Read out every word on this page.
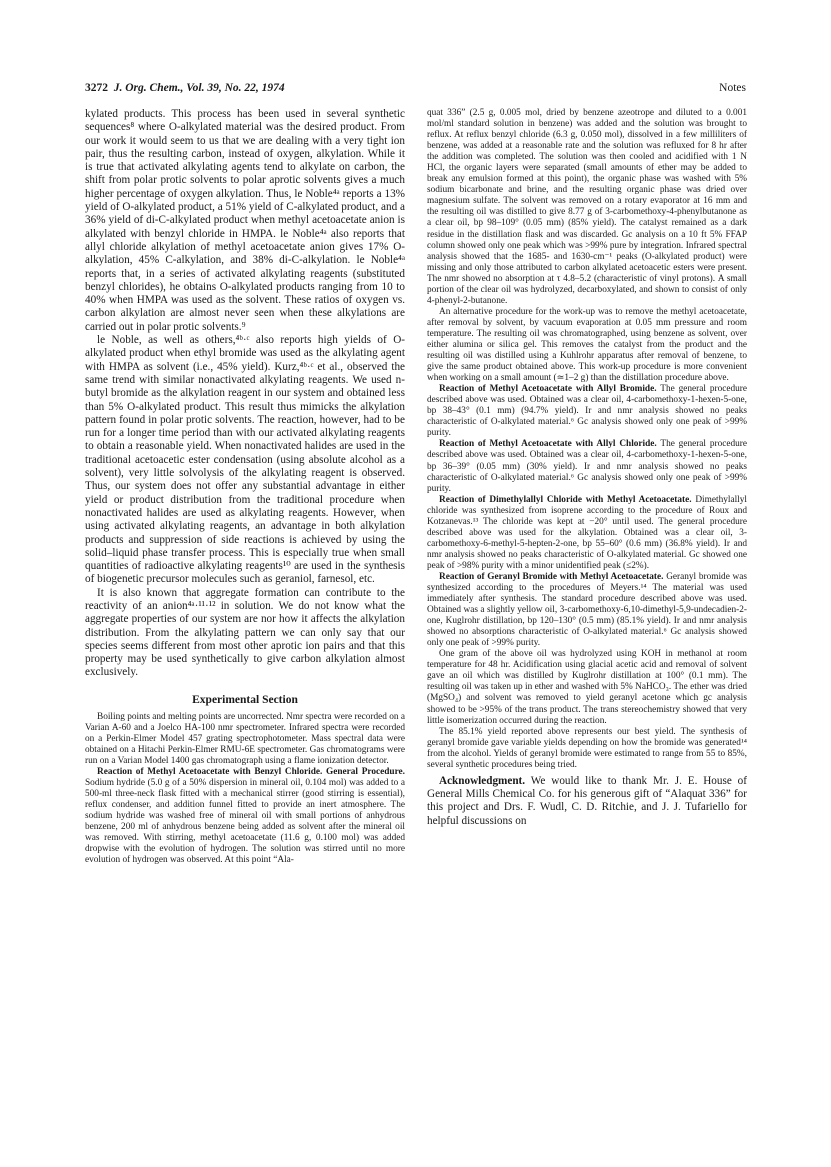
3272 J. Org. Chem., Vol. 39, No. 22, 1974	Notes

kylated products. This process has been used in several synthetic sequences⁸ where O-alkylated material was the desired product. From our work it would seem to us that we are dealing with a very tight ion pair, thus the resulting carbon, instead of oxygen, alkylation. While it is true that activated alkylating agents tend to alkylate on carbon, the shift from polar protic solvents to polar aprotic solvents gives a much higher percentage of oxygen alkylation. Thus, le Noble⁴ᵃ reports a 13% yield of O-alkylated product, a 51% yield of C-alkylated product, and a 36% yield of di-C-alkylated product when methyl acetoacetate anion is alkylated with benzyl chloride in HMPA. le Noble⁴ᵃ also reports that allyl chloride alkylation of methyl acetoacetate anion gives 17% O-alkylation, 45% C-alkylation, and 38% di-C-alkylation. le Noble⁴ᵃ reports that, in a series of activated alkylating reagents (substituted benzyl chlorides), he obtains O-alkylated products ranging from 10 to 40% when HMPA was used as the solvent. These ratios of oxygen vs. carbon alkylation are almost never seen when these alkylations are carried out in polar protic solvents.⁹

le Noble, as well as others,⁴ᵇ·ᶜ also reports high yields of O-alkylated product when ethyl bromide was used as the alkylating agent with HMPA as solvent (i.e., 45% yield). Kurz,⁴ᵇ·ᶜ et al., observed the same trend with similar nonactivated alkylating reagents. We used n-butyl bromide as the alkylation reagent in our system and obtained less than 5% O-alkylated product. This result thus mimicks the alkylation pattern found in polar protic solvents. The reaction, however, had to be run for a longer time period than with our activated alkylating reagents to obtain a reasonable yield. When nonactivated halides are used in the traditional acetoacetic ester condensation (using absolute alcohol as a solvent), very little solvolysis of the alkylating reagent is observed. Thus, our system does not offer any substantial advantage in either yield or product distribution from the traditional procedure when nonactivated halides are used as alkylating reagents. However, when using activated alkylating reagents, an advantage in both alkylation products and suppression of side reactions is achieved by using the solid–liquid phase transfer process. This is especially true when small quantities of radioactive alkylating reagents¹⁰ are used in the synthesis of biogenetic precursor molecules such as geraniol, farnesol, etc.

It is also known that aggregate formation can contribute to the reactivity of an anion⁴ᵃ·¹¹·¹² in solution. We do not know what the aggregate properties of our system are nor how it affects the alkylation distribution. From the alkylating pattern we can only say that our species seems different from most other aprotic ion pairs and that this property may be used synthetically to give carbon alkylation almost exclusively.

Experimental Section

Boiling points and melting points are uncorrected. Nmr spectra were recorded on a Varian A-60 and a Joelco HA-100 nmr spectrometer. Infrared spectra were recorded on a Perkin-Elmer Model 457 grating spectrophotometer. Mass spectral data were obtained on a Hitachi Perkin-Elmer RMU-6E spectrometer. Gas chromatograms were run on a Varian Model 1400 gas chromatograph using a flame ionization detector.

Reaction of Methyl Acetoacetate with Benzyl Chloride. General Procedure. Sodium hydride (5.0 g of a 50% dispersion in mineral oil, 0.104 mol) was added to a 500-ml three-neck flask fitted with a mechanical stirrer (good stirring is essential), reflux condenser, and addition funnel fitted to provide an inert atmosphere. The sodium hydride was washed free of mineral oil with small portions of anhydrous benzene, 200 ml of anhydrous benzene being added as solvent after the mineral oil was removed. With stirring, methyl acetoacetate (11.6 g, 0.100 mol) was added dropwise with the evolution of hydrogen. The solution was stirred until no more evolution of hydrogen was observed. At this point “Ala-

quat 336” (2.5 g, 0.005 mol, dried by benzene azeotrope and diluted to a 0.001 mol/ml standard solution in benzene) was added and the solution was brought to reflux. At reflux benzyl chloride (6.3 g, 0.050 mol), dissolved in a few milliliters of benzene, was added at a reasonable rate and the solution was refluxed for 8 hr after the addition was completed. The solution was then cooled and acidified with 1 N HCl, the organic layers were separated (small amounts of ether may be added to break any emulsion formed at this point), the organic phase was washed with 5% sodium bicarbonate and brine, and the resulting organic phase was dried over magnesium sulfate. The solvent was removed on a rotary evaporator at 16 mm and the resulting oil was distilled to give 8.77 g of 3-carbomethoxy-4-phenylbutanone as a clear oil, bp 98–109° (0.05 mm) (85% yield). The catalyst remained as a dark residue in the distillation flask and was discarded. Gc analysis on a 10 ft 5% FFAP column showed only one peak which was >99% pure by integration. Infrared spectral analysis showed that the 1685- and 1630-cm⁻¹ peaks (O-alkylated product) were missing and only those attributed to carbon alkylated acetoacetic esters were present. The nmr showed no absorption at τ 4.8–5.2 (characteristic of vinyl protons). A small portion of the clear oil was hydrolyzed, decarboxylated, and shown to consist of only 4-phenyl-2-butanone.

An alternative procedure for the work-up was to remove the methyl acetoacetate, after removal by solvent, by vacuum evaporation at 0.05 mm pressure and room temperature. The resulting oil was chromatographed, using benzene as solvent, over either alumina or silica gel. This removes the catalyst from the product and the resulting oil was distilled using a Kuhlrohr apparatus after removal of benzene, to give the same product obtained above. This work-up procedure is more convenient when working on a small amount (≃1–2 g) than the distillation procedure above.

Reaction of Methyl Acetoacetate with Allyl Bromide. The general procedure described above was used. Obtained was a clear oil, 4-carbomethoxy-1-hexen-5-one, bp 38–43° (0.1 mm) (94.7% yield). Ir and nmr analysis showed no peaks characteristic of O-alkylated material.⁶ Gc analysis showed only one peak of >99% purity.

Reaction of Methyl Acetoacetate with Allyl Chloride. The general procedure described above was used. Obtained was a clear oil, 4-carbomethoxy-1-hexen-5-one, bp 36–39° (0.05 mm) (30% yield). Ir and nmr analysis showed no peaks characteristic of O-alkylated material.⁶ Gc analysis showed only one peak of >99% purity.

Reaction of Dimethylallyl Chloride with Methyl Acetoacetate. Dimethylallyl chloride was synthesized from isoprene according to the procedure of Roux and Kotzanevas.¹³ The chloride was kept at −20° until used. The general procedure described above was used for the alkylation. Obtained was a clear oil, 3-carbomethoxy-6-methyl-5-hepten-2-one, bp 55–60° (0.6 mm) (36.8% yield). Ir and nmr analysis showed no peaks characteristic of O-alkylated material. Gc showed one peak of >98% purity with a minor unidentified peak (≤2%).

Reaction of Geranyl Bromide with Methyl Acetoacetate. Geranyl bromide was synthesized according to the procedures of Meyers.¹⁴ The material was used immediately after synthesis. The standard procedure described above was used. Obtained was a slightly yellow oil, 3-carbomethoxy-6,10-dimethyl-5,9-undecadien-2-one, Kuglrohr distillation, bp 120–130° (0.5 mm) (85.1% yield). Ir and nmr analysis showed no absorptions characteristic of O-alkylated material.⁶ Gc analysis showed only one peak of >99% purity.

One gram of the above oil was hydrolyzed using KOH in methanol at room temperature for 48 hr. Acidification using glacial acetic acid and removal of solvent gave an oil which was distilled by Kuglrohr distillation at 100° (0.1 mm). The resulting oil was taken up in ether and washed with 5% NaHCO₃. The ether was dried (MgSO₄) and solvent was removed to yield geranyl acetone which gc analysis showed to be >95% of the trans product. The trans stereochemistry showed that very little isomerization occurred during the reaction.

The 85.1% yield reported above represents our best yield. The synthesis of geranyl bromide gave variable yields depending on how the bromide was generated¹⁴ from the alcohol. Yields of geranyl bromide were estimated to range from 55 to 85%, several synthetic procedures being tried.

Acknowledgment. We would like to thank Mr. J. E. House of General Mills Chemical Co. for his generous gift of “Alaquat 336” for this project and Drs. F. Wudl, C. D. Ritchie, and J. J. Tufariello for helpful discussions on
